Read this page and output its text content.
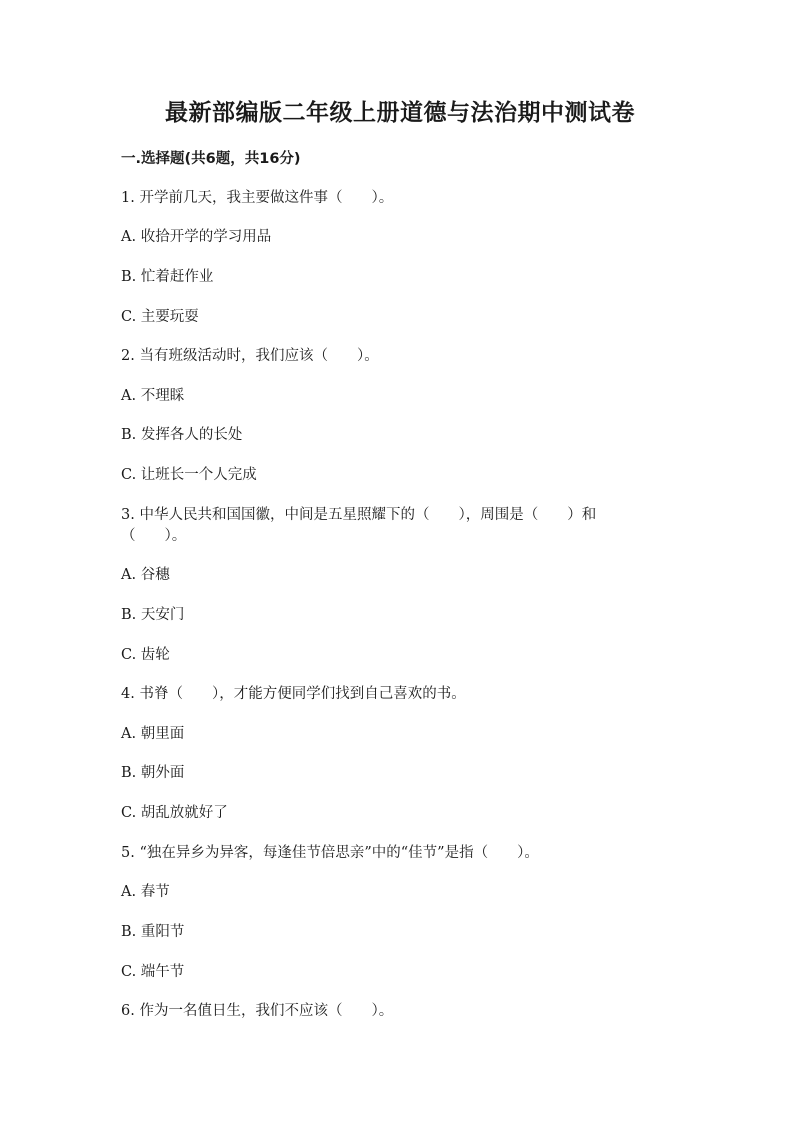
最新部编版二年级上册道德与法治期中测试卷
一.选择题(共6题，共16分)
1. 开学前几天，我主要做这件事（　　）。
A. 收拾开学的学习用品
B. 忙着赶作业
C. 主要玩耍
2. 当有班级活动时，我们应该（　　）。
A. 不理睬
B. 发挥各人的长处
C. 让班长一个人完成
3. 中华人民共和国国徽，中间是五星照耀下的（　　），周围是（　　）和
（　　）。
A. 谷穗
B. 天安门
C. 齿轮
4. 书脊（　　），才能方便同学们找到自己喜欢的书。
A. 朝里面
B. 朝外面
C. 胡乱放就好了
5. “独在异乡为异客，每逢佳节倍思亲”中的“佳节”是指（　　）。
A. 春节
B. 重阳节
C. 端午节
6. 作为一名值日生，我们不应该（　　）。
